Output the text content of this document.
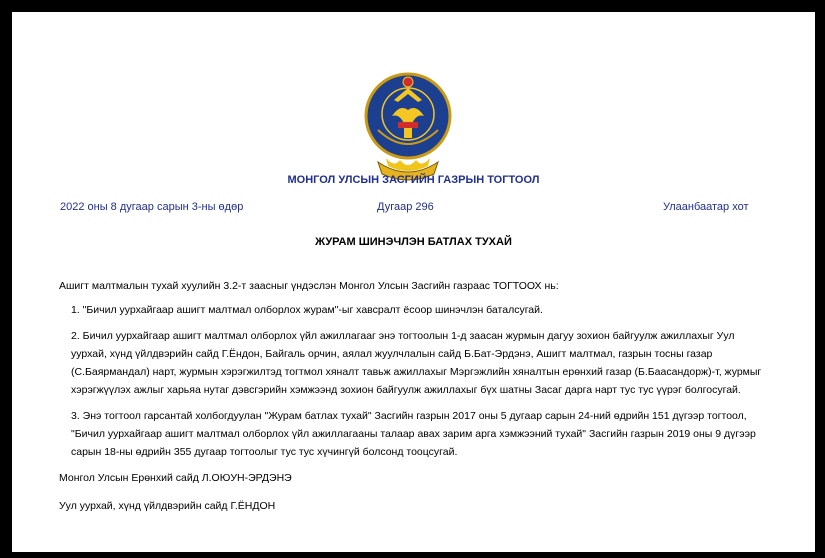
МОНГОЛ УЛСЫН ЗАСГИЙН ГАЗРЫН ТОГТООЛ
2022 оны 8 дугаар сарын 3-ны өдөр	Дугаар 296	Улаанбаатар хот
ЖУРАМ ШИНЭЧЛЭН БАТЛАХ ТУХАЙ

Ашигт малтмалын тухай хуулийн 3.2-т заасныг үндэслэн Монгол Улсын Засгийн газраас ТОГТООХ нь:

1. "Бичил уурхайгаар ашигт малтмал олборлох журам"-ыг хавсралт ёсоор шинэчлэн баталсугай.

2. Бичил уурхайгаар ашигт малтмал олборлох үйл ажиллагааг энэ тогтоолын 1-д заасан журмын дагуу зохион байгуулж ажиллахыг Уул уурхай, хүнд үйлдвэрийн сайд Г.Ёндон, Байгаль орчин, аялал жуулчлалын сайд Б.Бат-Эрдэнэ, Ашигт малтмал, газрын тосны газар (С.Баярмандал) нарт, журмын хэрэгжилтэд тогтмол хяналт тавьж ажиллахыг Мэргэжлийн хяналтын ерөнхий газар (Б.Баасандорж)-т, журмыг хэрэгжүүлэх ажлыг харьяа нутаг дэвсгэрийн хэмжээнд зохион байгуулж ажиллахыг бүх шатны Засаг дарга нарт тус тус үүрэг болгосугай.

3. Энэ тогтоол гарсантай холбогдуулан "Журам батлах тухай" Засгийн газрын 2017 оны 5 дугаар сарын 24-ний өдрийн 151 дүгээр тогтоол, "Бичил уурхайгаар ашигт малтмал олборлох үйл ажиллагааны талаар авах зарим арга хэмжээний тухай" Засгийн газрын 2019 оны 9 дүгээр сарын 18-ны өдрийн 355 дугаар тогтоолыг тус тус хүчингүй болсонд тооцсугай.

Монгол Улсын Ерөнхий сайд Л.ОЮУН-ЭРДЭНЭ

Уул уурхай, хүнд үйлдвэрийн сайд Г.ЁНДОН
